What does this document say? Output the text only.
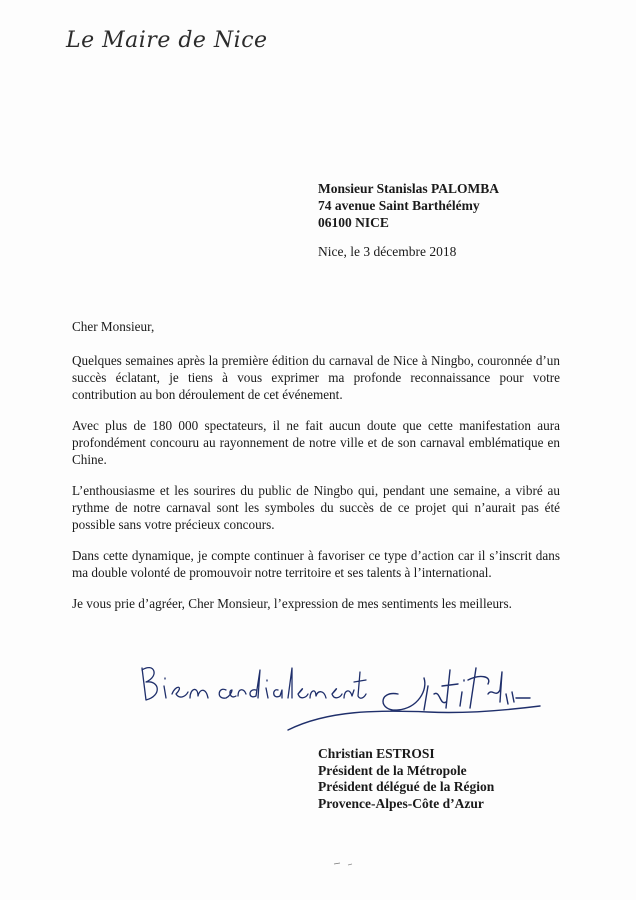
Le Maire de Nice
Monsieur Stanislas PALOMBA
74 avenue Saint Barthélémy
06100 NICE
Nice, le 3 décembre 2018

Cher Monsieur,

Quelques semaines après la première édition du carnaval de Nice à Ningbo, couronnée d’un succès éclatant, je tiens à vous exprimer ma profonde reconnaissance pour votre contribution au bon déroulement de cet événement.

Avec plus de 180 000 spectateurs, il ne fait aucun doute que cette manifestation aura profondément concouru au rayonnement de notre ville et de son carnaval emblématique en Chine.

L’enthousiasme et les sourires du public de Ningbo qui, pendant une semaine, a vibré au rythme de notre carnaval sont les symboles du succès de ce projet qui n’aurait pas été possible sans votre précieux concours.

Dans cette dynamique, je compte continuer à favoriser ce type d’action car il s’inscrit dans ma double volonté de promouvoir notre territoire et ses talents à l’international.

Je vous prie d’agréer, Cher Monsieur, l’expression de mes sentiments les meilleurs.

Christian ESTROSI
Président de la Métropole
Président délégué de la Région
Provence-Alpes-Côte d’Azur
